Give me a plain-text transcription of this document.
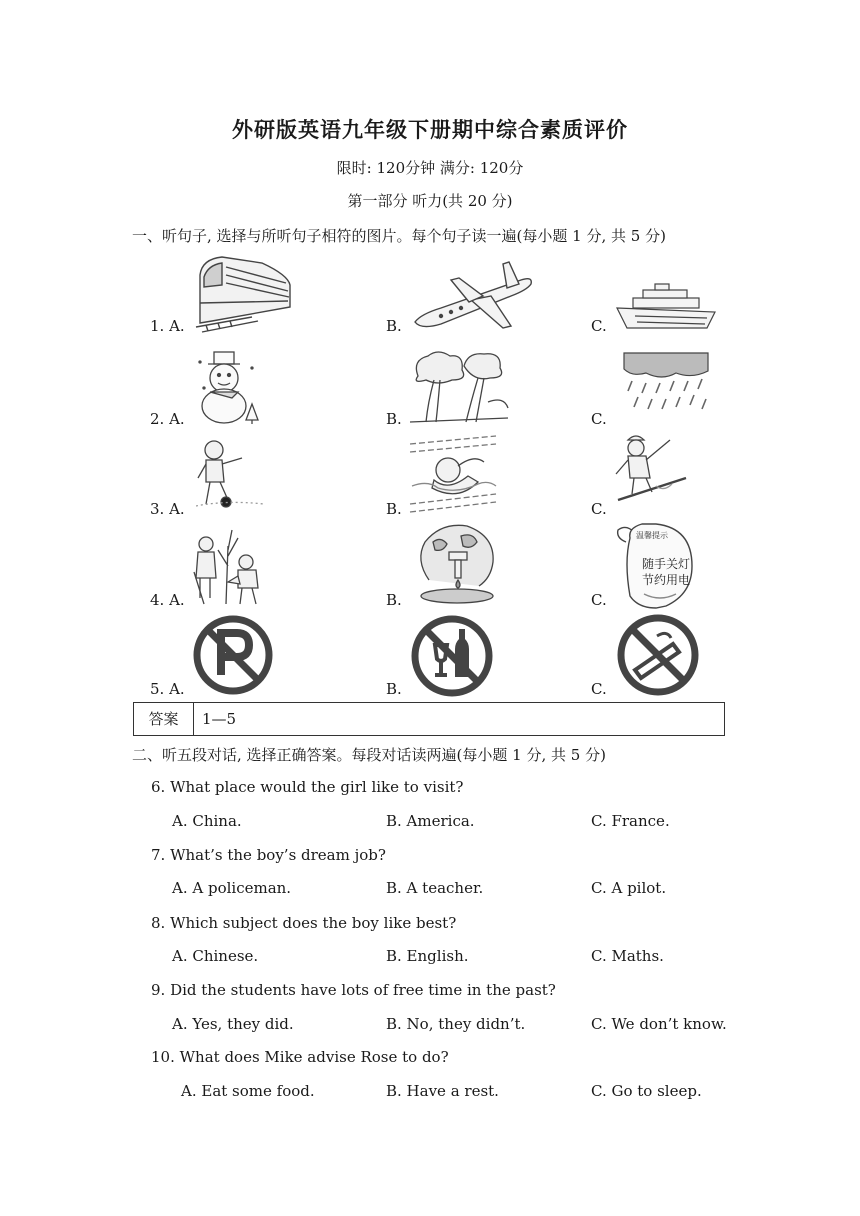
外研版英语九年级下册期中综合素质评价
限时: 120分钟 满分: 120分
第一部分 听力(共 20 分)
一、听句子, 选择与所听句子相符的图片。每个句子读一遍(每小题 1 分, 共 5 分)
1. A.	B.	C.
2. A.	B.	C.
3. A.	B.	C.
4. A.	B.	C.
5. A.	B.	C.
温馨提示
随手关灯
节约用电
答案	1—5
二、听五段对话, 选择正确答案。每段对话读两遍(每小题 1 分, 共 5 分)
6. What place would the girl like to visit?
A. China.	B. America.	C. France.
7. What’s the boy’s dream job?
A. A policeman.	B. A teacher.	C. A pilot.
8. Which subject does the boy like best?
A. Chinese.	B. English.	C. Maths.
9. Did the students have lots of free time in the past?
A. Yes, they did.	B. No, they didn’t.	C. We don’t know.
10. What does Mike advise Rose to do?
A. Eat some food.	B. Have a rest.	C. Go to sleep.
